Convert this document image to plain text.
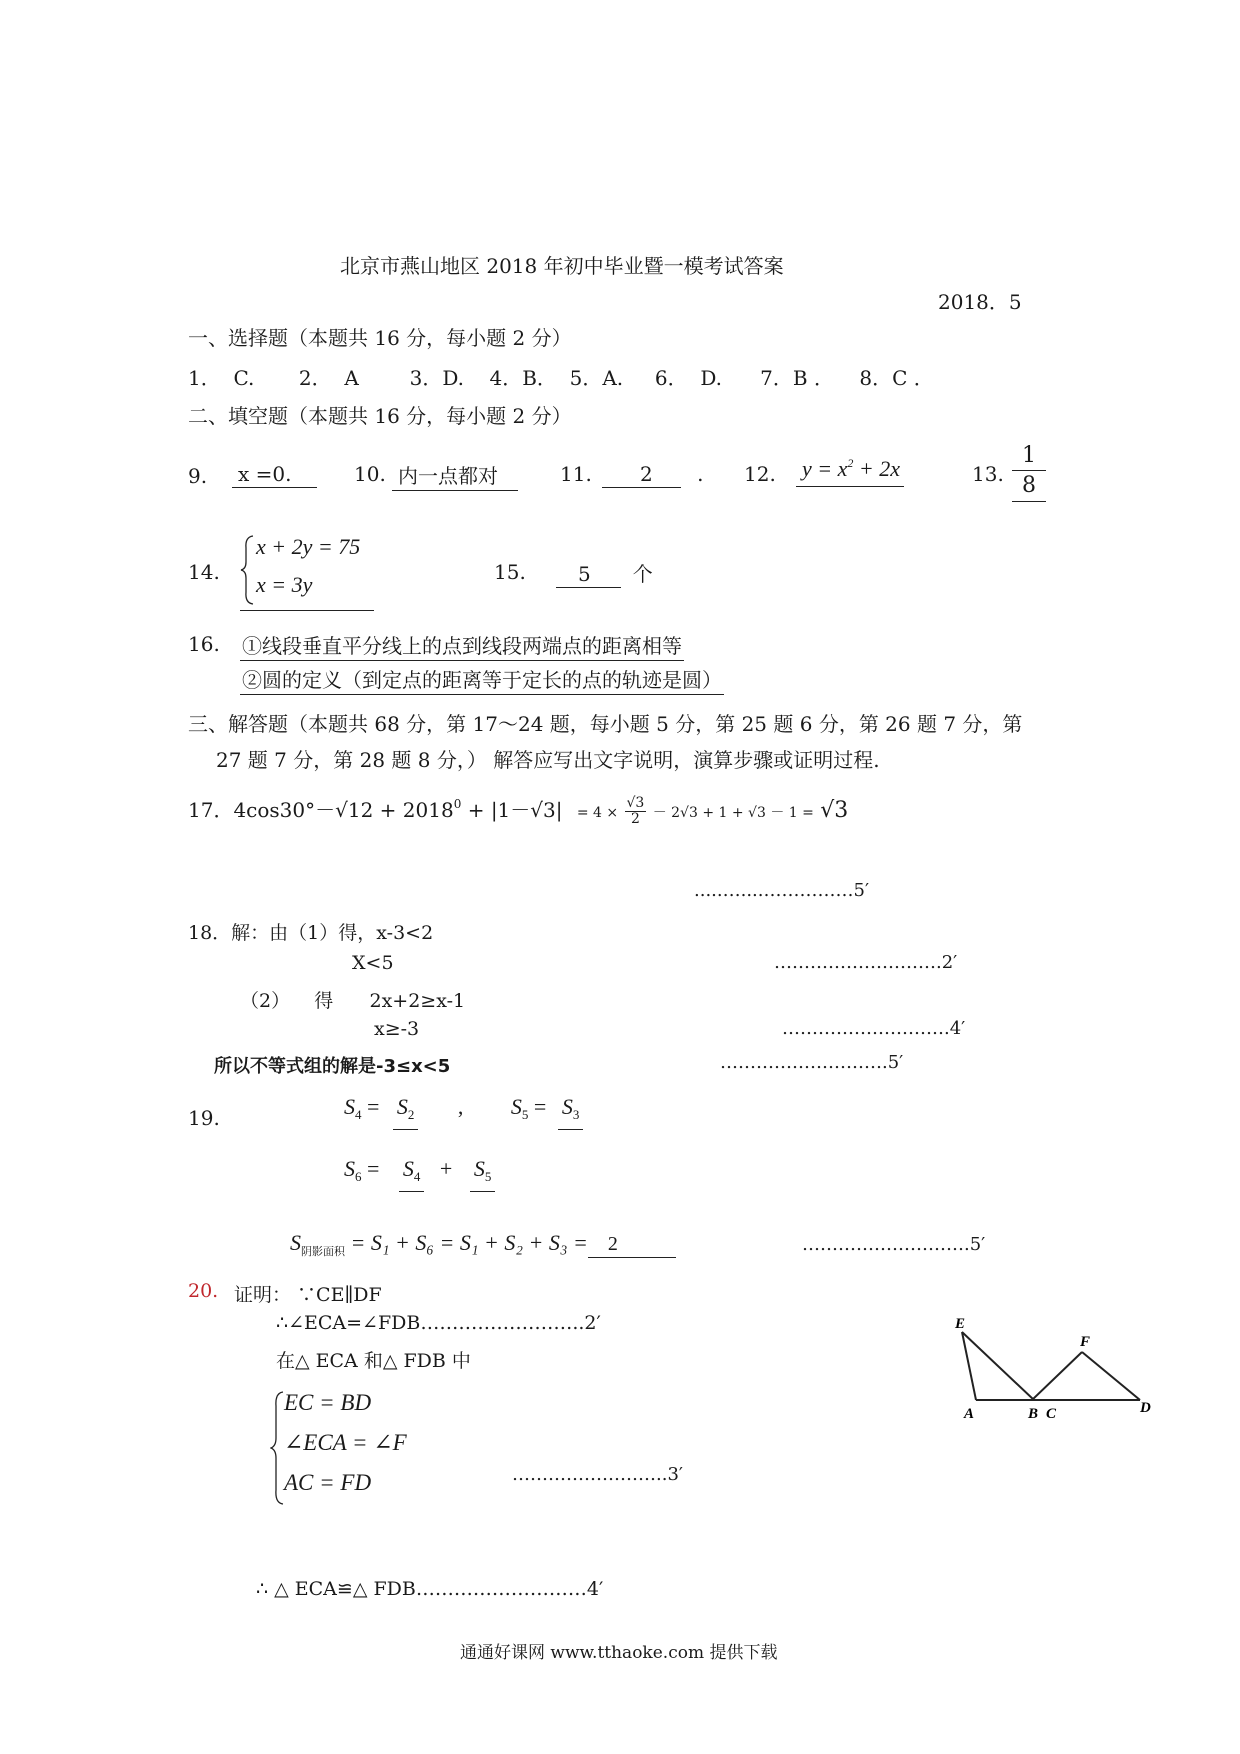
北京市燕山地区 2018 年初中毕业暨一模考试答案
2018．5
一、选择题（本题共 16 分，每小题 2 分）
1．  C.       2．  A        3．D.    4．B．  5．A.     6．  D.      7．B ．    8．C ．
二、填空题（本题共 16 分，每小题 2 分）
9.	x =0.	10. 内一点都对	11.	2 . 12. $y = x^2 + 2x$	13. $\frac{1}{8}$
14.
x + 2y = 75
x = 3y	15.	5 个
16. ①线段垂直平分线上的点到线段两端点的距离相等
②圆的定义（到定点的距离等于定长的点的轨迹是圆）
三、解答题（本题共 68 分，第 17～24 题，每小题 5 分，第 25 题 6 分，第 26 题 7 分，第
27 题 7 分，第 28 题 8 分，） 解答应写出文字说明，演算步骤或证明过程.
17．$4\cos 30^\circ-√12 + 2018^0 + |1-√3| = 4 \times \frac{√3}{2} - 2√3 + 1 + √3 - 1 = √3$
.....…....……………5′
18．解：由（1）得，x-3<2
X<5	……………………….2′
（2）    得      2x+2≥x-1
x≥-3	……………………….4′
所以不等式组的解是-3≤x<5	……………………….5′
19.	$S_4 = S_2$ , $S_5 = S_3$
$S_6 = S_4 + S_5$
$S_{阴影面积} = S_1 + S_6 = S_1 + S_2 + S_3 = 2$	……………………….5′
20. 证明： ∵CE∥DF
∴∠ECA=∠FDB……………………..2′
在△ ECA 和△ FDB 中
EC = BD
∠ECA = ∠F
AC = FD	……………………..3′
∴ △ ECA≌△ FDB………………………4′
E
F
A	B C	D
通通好课网 www.tthaoke.com 提供下载
